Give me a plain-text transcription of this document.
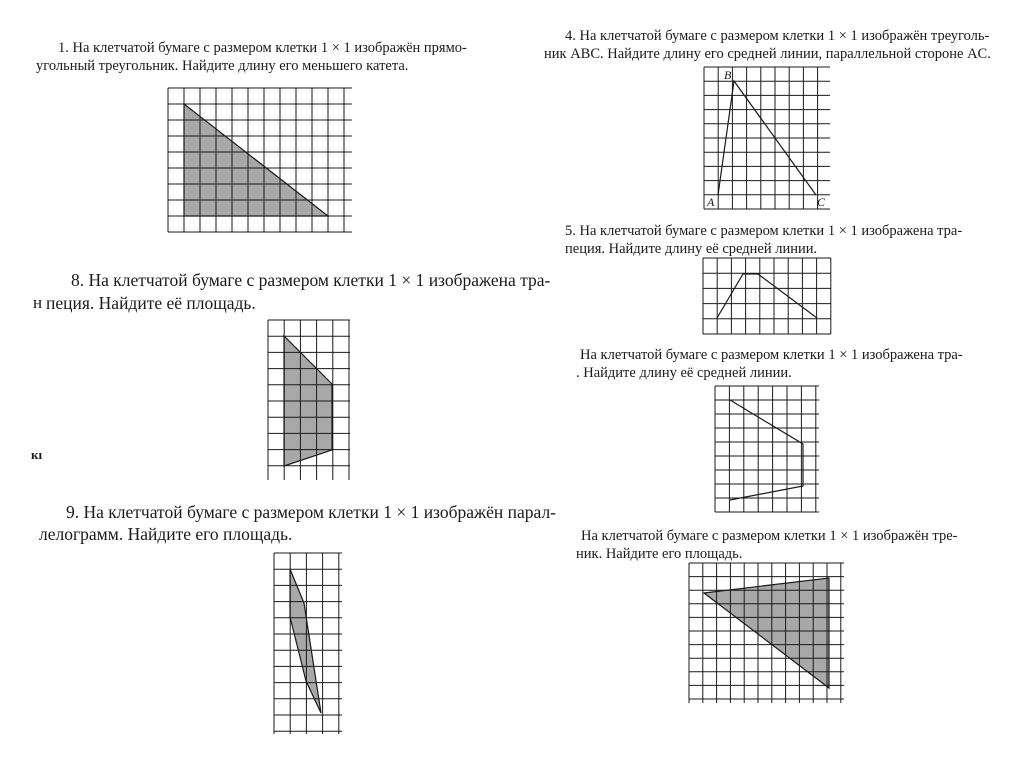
1. На клетчатой бумаге с размером клетки 1 × 1 изображён прямо-

угольный треугольник. Найдите длину его меньшего катета.

4. На клетчатой бумаге с размером клетки 1 × 1 изображён треуголь-

ник ABC. Найдите длину его средней линии, параллельной стороне AC.

A
B
C

5. На клетчатой бумаге с размером клетки 1 × 1 изображена тра-

пеция. Найдите длину её средней линии.

8. На клетчатой бумаге с размером клетки 1 × 1 изображена тра-

пеция. Найдите её площадь.

н

кı

На клетчатой бумаге с размером клетки 1 × 1 изображена тра-

. Найдите длину её средней линии.

9. На клетчатой бумаге с размером клетки 1 × 1 изображён парал-

лелограмм. Найдите его площадь.	На клетчатой бумаге с размером клетки 1 × 1 изображён тре-

ник. Найдите его площадь.
